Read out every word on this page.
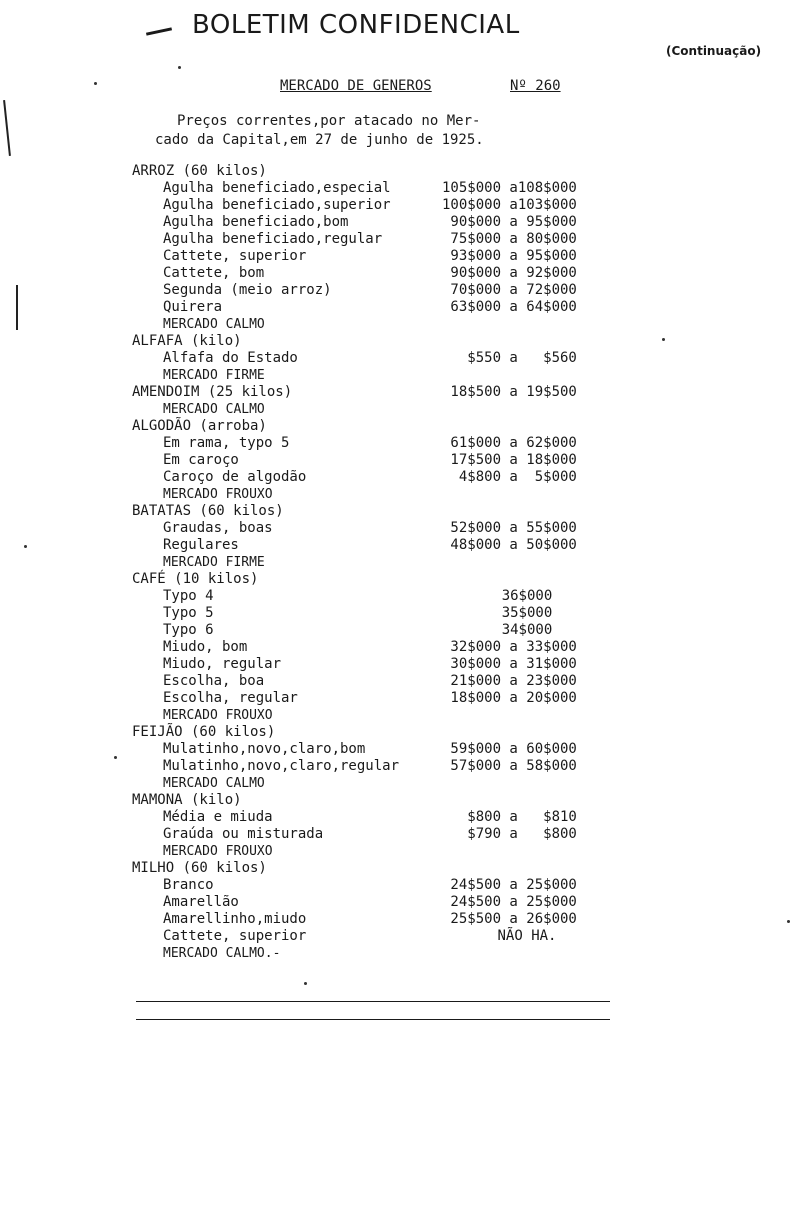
BOLETIM CONFIDENCIAL
(Continuação)
MERCADO DE GENEROS	Nº 260

Preços correntes,por atacado no Mer-
cado da Capital,em 27 de junho de 1925.

ARROZ (60 kilos)
Agulha beneficiado,especial	105$000 a108$000
Agulha beneficiado,superior	100$000 a103$000
Agulha beneficiado,bom	90$000 a 95$000
Agulha beneficiado,regular	75$000 a 80$000
Cattete, superior	93$000 a 95$000
Cattete, bom	90$000 a 92$000
Segunda (meio arroz)	70$000 a 72$000
Quirera	63$000 a 64$000
MERCADO CALMO
ALFAFA (kilo)
Alfafa do Estado	$550 a   $560
MERCADO FIRME
AMENDOIM (25 kilos)	18$500 a 19$500
MERCADO CALMO
ALGODÃO (arroba)
Em rama, typo 5	61$000 a 62$000
Em caroço	17$500 a 18$000
Caroço de algodão	4$800 a  5$000
MERCADO FROUXO
BATATAS (60 kilos)
Graudas, boas	52$000 a 55$000
Regulares	48$000 a 50$000
MERCADO FIRME
CAFÉ (10 kilos)
Typo 4	36$000
Typo 5	35$000
Typo 6	34$000
Miudo, bom	32$000 a 33$000
Miudo, regular	30$000 a 31$000
Escolha, boa	21$000 a 23$000
Escolha, regular	18$000 a 20$000
MERCADO FROUXO
FEIJÃO (60 kilos)
Mulatinho,novo,claro,bom	59$000 a 60$000
Mulatinho,novo,claro,regular	57$000 a 58$000
MERCADO CALMO
MAMONA (kilo)
Média e miuda	$800 a   $810
Graúda ou misturada	$790 a   $800
MERCADO FROUXO
MILHO (60 kilos)
Branco	24$500 a 25$000
Amarellão	24$500 a 25$000
Amarellinho,miudo	25$500 a 26$000
Cattete, superior	NÃO HA.
MERCADO CALMO.-
